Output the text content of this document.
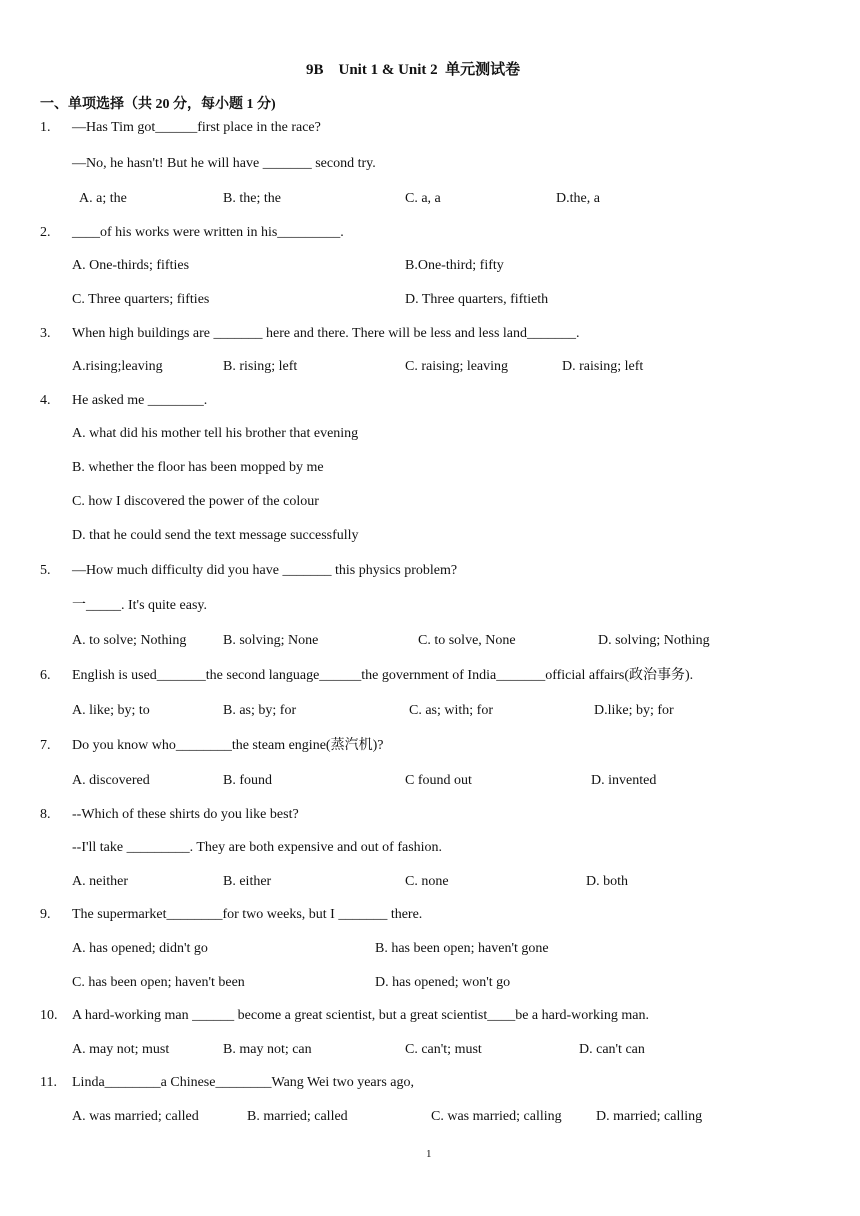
9B    Unit 1 & Unit 2  单元测试卷
一、单项选择（共 20 分，每小题 1 分)
1.	—Has Tim got______first place in the race?
—No, he hasn't! But he will have _______ second try.
A. a; the	B. the; the	C. a, a	D.the, a
2.	____of his works were written in his_________.
A. One-thirds; fifties	B.One-third; fifty
C. Three quarters; fifties	D. Three quarters, fiftieth
3.	When high buildings are _______ here and there. There will be less and less land_______.
A.rising;leaving	B. rising; left	C. raising; leaving	D. raising; left
4.	He asked me ________.
A. what did his mother tell his brother that evening
B. whether the floor has been mopped by me
C. how I discovered the power of the colour
D. that he could send the text message successfully
5.	—How much difficulty did you have _______ this physics problem?
一_____. It's quite easy.
A. to solve; Nothing	B. solving; None	C. to solve, None	D. solving; Nothing
6.	English is used_______the second language______the government of India_______official affairs(政治事务).
A. like; by; to	B. as; by; for	C. as; with; for	D.like; by; for
7.	Do you know who________the steam engine(蒸汽机)?
A. discovered	B. found	C found out	D. invented
8.	--Which of these shirts do you like best?
--I'll take _________. They are both expensive and out of fashion.
A. neither	B. either	C. none	D. both
9.	The supermarket________for two weeks, but I _______ there.
A. has opened; didn't go	B. has been open; haven't gone
C. has been open; haven't been	D. has opened; won't go
10.	A hard-working man ______ become a great scientist, but a great scientist____be a hard-working man.
A. may not; must	B. may not; can	C. can't; must	D. can't can
11.	Linda________a Chinese________Wang Wei two years ago,
A. was married; called	B. married; called	C. was married; calling D. married; calling
1
